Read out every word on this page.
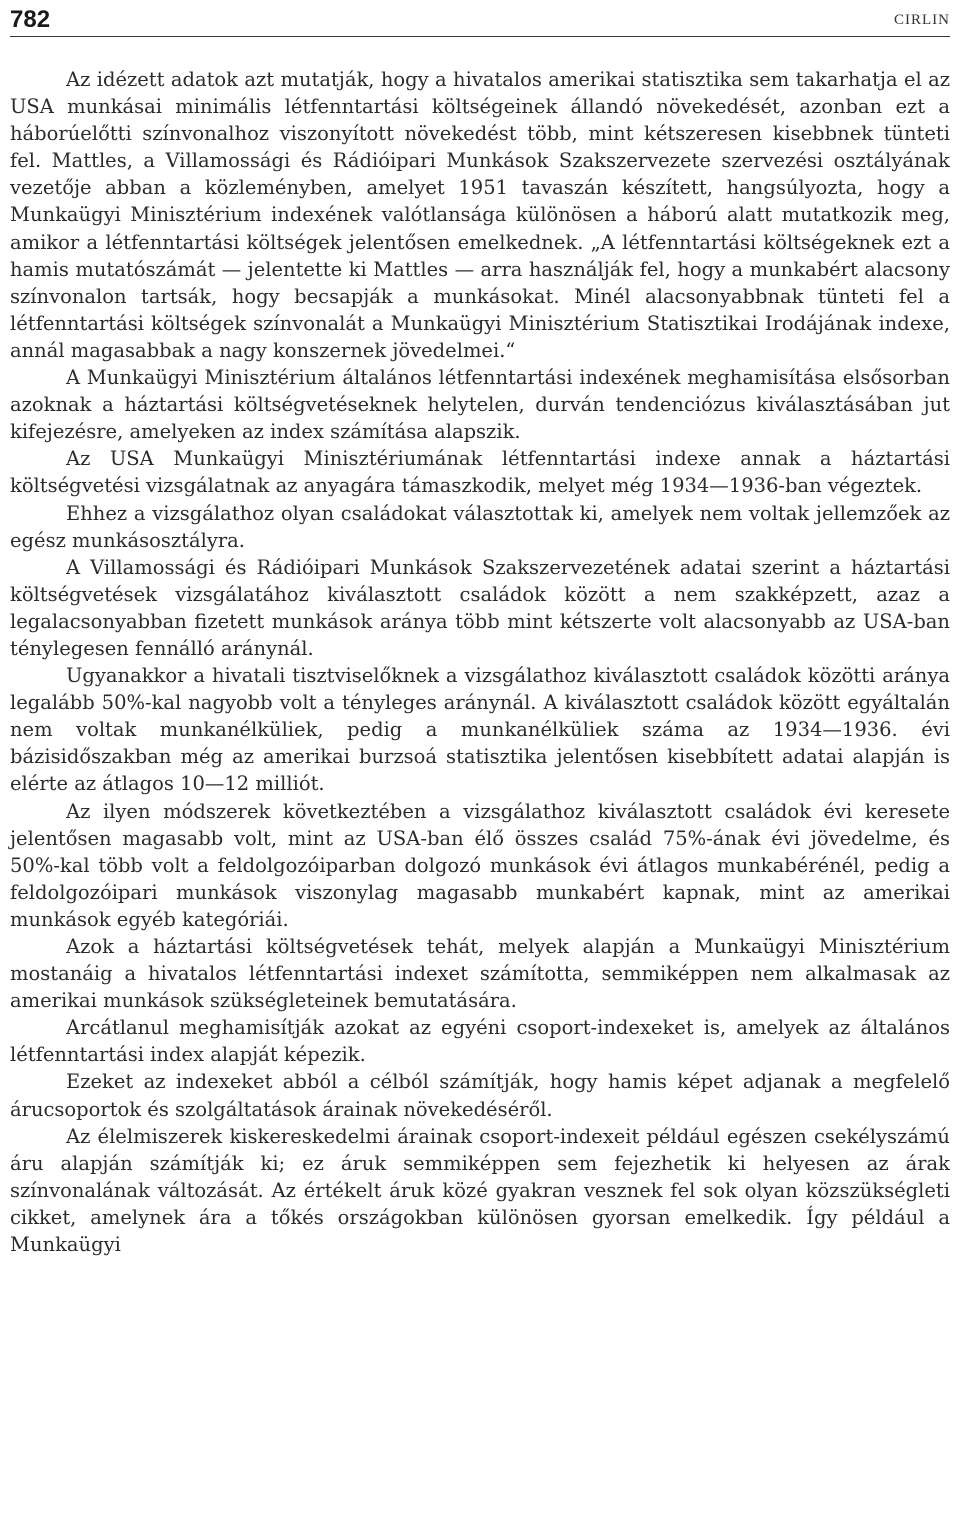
782	CIRLIN

Az idézett adatok azt mutatják, hogy a hivatalos amerikai statisztika sem takarhatja el az USA munkásai minimális létfenntartási költségeinek állandó növekedését, azonban ezt a háborúelőtti színvonalhoz viszonyított növekedést több, mint kétszeresen kisebbnek tünteti fel. Mattles, a Villamossági és Rádióipari Munkások Szakszervezete szervezési osztályának vezetője abban a közleményben, amelyet 1951 tavaszán készített, hangsúlyozta, hogy a Munkaügyi Minisztérium indexének valótlansága különösen a háború alatt mutatkozik meg, amikor a létfenntartási költségek jelentősen emelkednek. „A létfenntartási költségeknek ezt a hamis mutatószámát — jelentette ki Mattles — arra használják fel, hogy a munkabért alacsony színvonalon tartsák, hogy becsapják a munkásokat. Minél alacsonyabbnak tünteti fel a létfenntartási költségek színvonalát a Munkaügyi Minisztérium Statisztikai Irodájának indexe, annál magasabbak a nagy konszernek jövedelmei.“

A Munkaügyi Minisztérium általános létfenntartási indexének meghamisítása elsősorban azoknak a háztartási költségvetéseknek helytelen, durván tendenciózus kiválasztásában jut kifejezésre, amelyeken az index számítása alapszik.

Az USA Munkaügyi Minisztériumának létfenntartási indexe annak a háztartási költségvetési vizsgálatnak az anyagára támaszkodik, melyet még 1934—1936-ban végeztek.

Ehhez a vizsgálathoz olyan családokat választottak ki, amelyek nem voltak jellemzőek az egész munkásosztályra.

A Villamossági és Rádióipari Munkások Szakszervezetének adatai szerint a háztartási költségvetések vizsgálatához kiválasztott családok között a nem szakképzett, azaz a legalacsonyabban fizetett munkások aránya több mint kétszerte volt alacsonyabb az USA-ban ténylegesen fennálló aránynál.

Ugyanakkor a hivatali tisztviselőknek a vizsgálathoz kiválasztott családok közötti aránya legalább 50%-kal nagyobb volt a tényleges aránynál. A kiválasztott családok között egyáltalán nem voltak munkanélküliek, pedig a munkanélküliek száma az 1934—1936. évi bázisidőszakban még az amerikai burzsoá statisztika jelentősen kisebbített adatai alapján is elérte az átlagos 10—12 milliót.

Az ilyen módszerek következtében a vizsgálathoz kiválasztott családok évi keresete jelentősen magasabb volt, mint az USA-ban élő összes család 75%-ának évi jövedelme, és 50%-kal több volt a feldolgozóiparban dolgozó munkások évi átlagos munkabérénél, pedig a feldolgozóipari munkások viszonylag magasabb munkabért kapnak, mint az amerikai munkások egyéb kategóriái.

Azok a háztartási költségvetések tehát, melyek alapján a Munkaügyi Minisztérium mostanáig a hivatalos létfenntartási indexet számította, semmiképpen nem alkalmasak az amerikai munkások szükségleteinek bemutatására.

Arcátlanul meghamisítják azokat az egyéni csoport-indexeket is, amelyek az általános létfenntartási index alapját képezik.

Ezeket az indexeket abból a célból számítják, hogy hamis képet adjanak a megfelelő árucsoportok és szolgáltatások árainak növekedéséről.

Az élelmiszerek kiskereskedelmi árainak csoport-indexeit például egészen csekélyszámú áru alapján számítják ki; ez áruk semmiképpen sem fejezhetik ki helyesen az árak színvonalának változását. Az értékelt áruk közé gyakran vesznek fel sok olyan közszükségleti cikket, amelynek ára a tőkés országokban különösen gyorsan emelkedik. Így például a Munkaügyi
